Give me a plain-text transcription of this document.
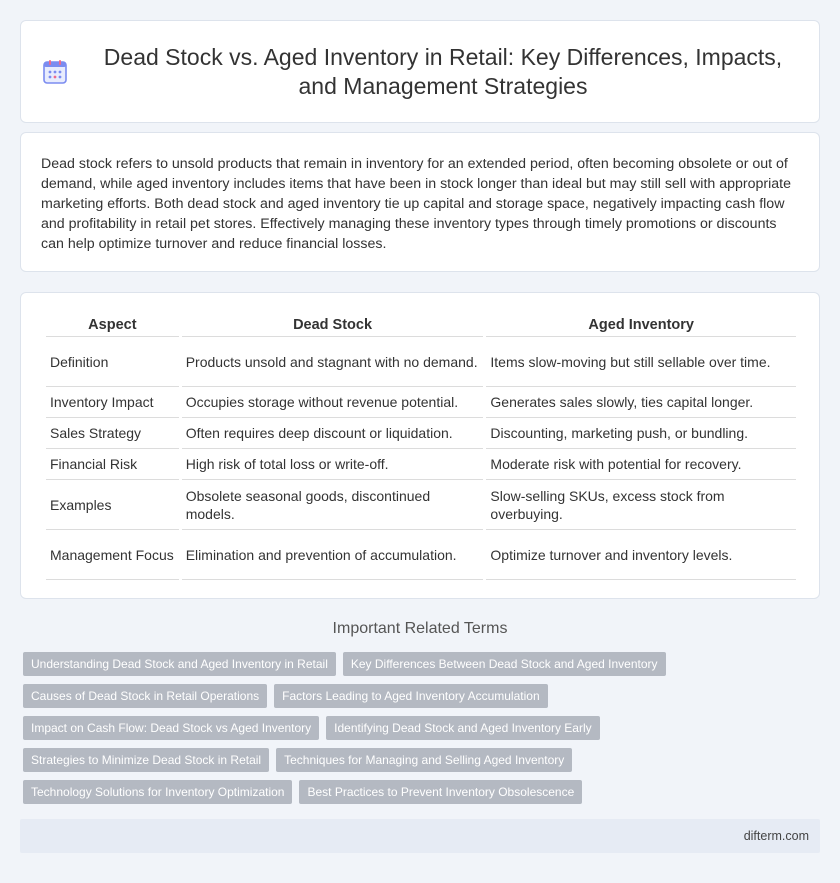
Dead Stock vs. Aged Inventory in Retail: Key Differences, Impacts, and Management Strategies

Dead stock refers to unsold products that remain in inventory for an extended period, often becoming obsolete or out of demand, while aged inventory includes items that have been in stock longer than ideal but may still sell with appropriate marketing efforts. Both dead stock and aged inventory tie up capital and storage space, negatively impacting cash flow and profitability in retail pet stores. Effectively managing these inventory types through timely promotions or discounts can help optimize turnover and reduce financial losses.

Aspect	Dead Stock	Aged Inventory
Definition	Products unsold and stagnant with no demand.	Items slow-moving but still sellable over time.
Inventory Impact	Occupies storage without revenue potential.	Generates sales slowly, ties capital longer.
Sales Strategy	Often requires deep discount or liquidation.	Discounting, marketing push, or bundling.
Financial Risk	High risk of total loss or write-off.	Moderate risk with potential for recovery.
Examples	Obsolete seasonal goods, discontinued models.	Slow-selling SKUs, excess stock from overbuying.
Management Focus	Elimination and prevention of accumulation.	Optimize turnover and inventory levels.
Important Related Terms
Understanding Dead Stock and Aged Inventory in Retail	Key Differences Between Dead Stock and Aged Inventory
Causes of Dead Stock in Retail Operations	Factors Leading to Aged Inventory Accumulation
Impact on Cash Flow: Dead Stock vs Aged Inventory	Identifying Dead Stock and Aged Inventory Early
Strategies to Minimize Dead Stock in Retail	Techniques for Managing and Selling Aged Inventory
Technology Solutions for Inventory Optimization	Best Practices to Prevent Inventory Obsolescence
difterm.com
